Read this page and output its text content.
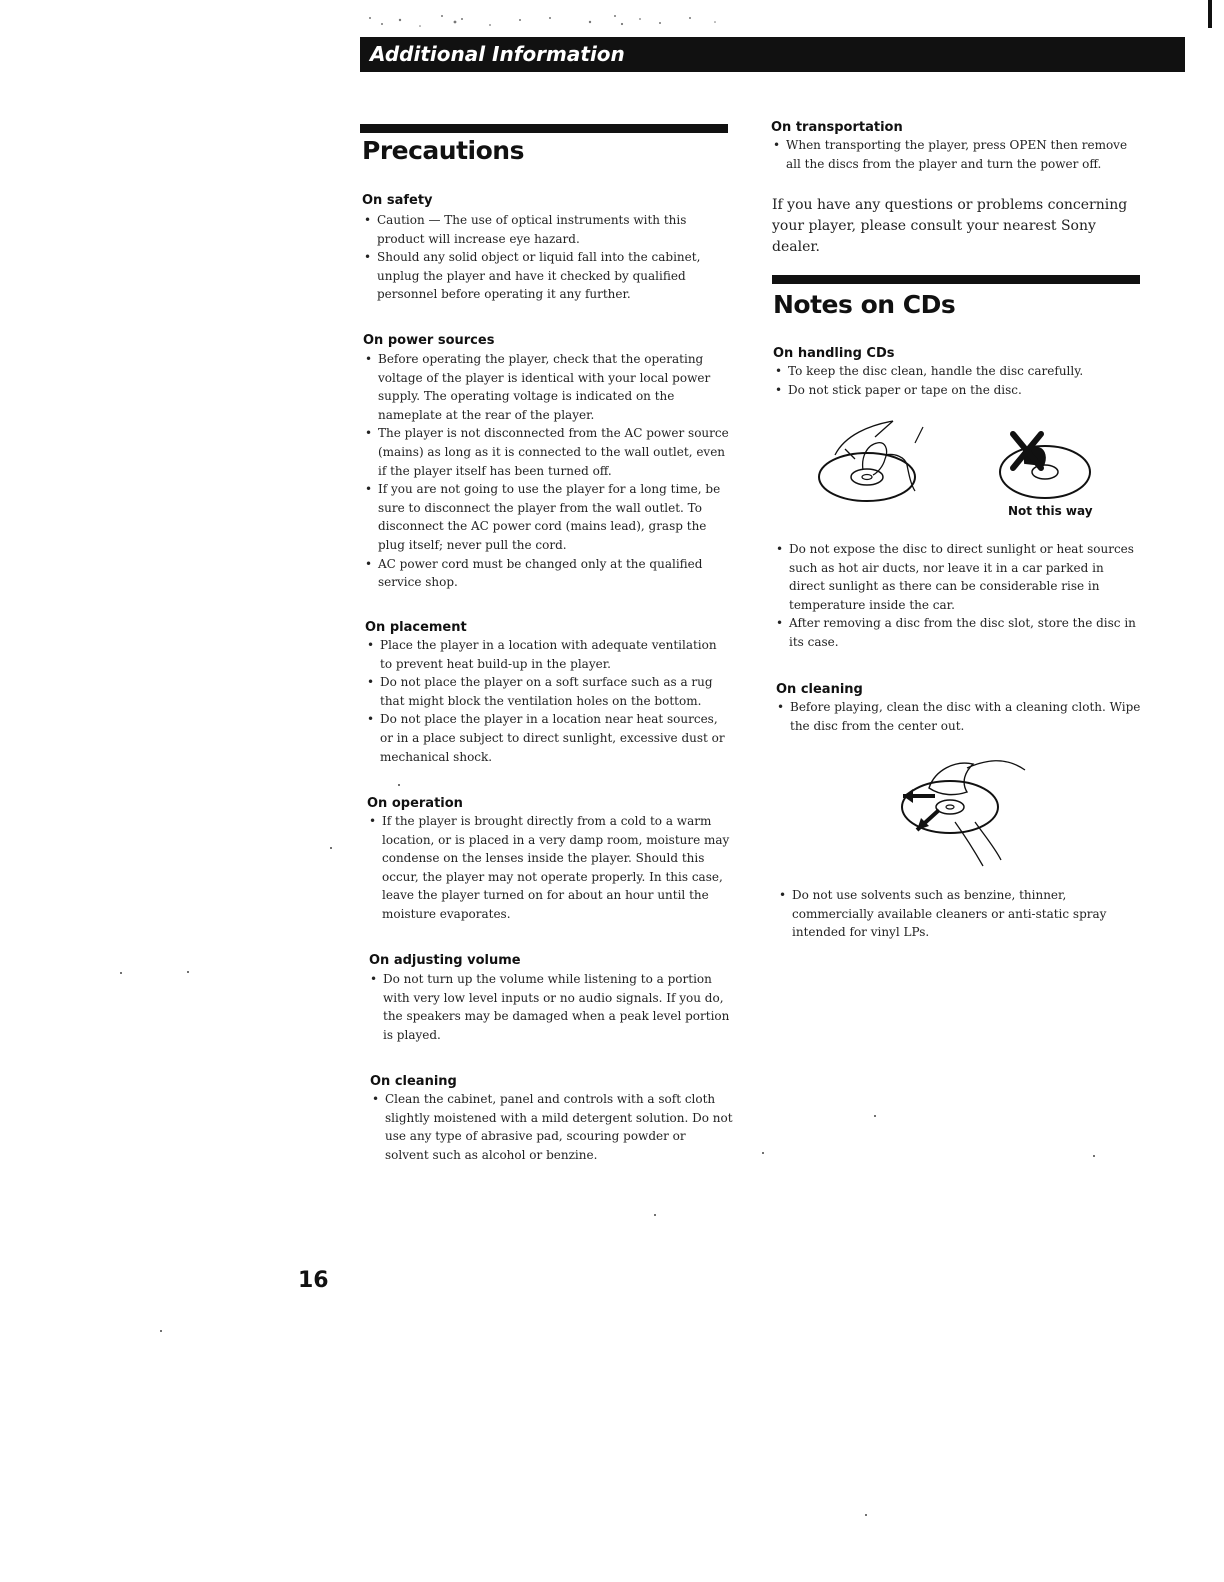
Additional Information
Precautions
On safety
• Caution — The use of optical instruments with this product will increase eye hazard.
• Should any solid object or liquid fall into the cabinet, unplug the player and have it checked by qualified personnel before operating it any further.
On power sources
• Before operating the player, check that the operating voltage of the player is identical with your local power supply. The operating voltage is indicated on the nameplate at the rear of the player.
• The player is not disconnected from the AC power source (mains) as long as it is connected to the wall outlet, even if the player itself has been turned off.
• If you are not going to use the player for a long time, be sure to disconnect the player from the wall outlet. To disconnect the AC power cord (mains lead), grasp the plug itself; never pull the cord.
• AC power cord must be changed only at the qualified service shop.
On placement
• Place the player in a location with adequate ventilation to prevent heat build-up in the player.
• Do not place the player on a soft surface such as a rug that might block the ventilation holes on the bottom.
• Do not place the player in a location near heat sources, or in a place subject to direct sunlight, excessive dust or mechanical shock.
On operation
• If the player is brought directly from a cold to a warm location, or is placed in a very damp room, moisture may condense on the lenses inside the player. Should this occur, the player may not operate properly. In this case, leave the player turned on for about an hour until the moisture evaporates.
On adjusting volume
• Do not turn up the volume while listening to a portion with very low level inputs or no audio signals. If you do, the speakers may be damaged when a peak level portion is played.
On cleaning
• Clean the cabinet, panel and controls with a soft cloth slightly moistened with a mild detergent solution. Do not use any type of abrasive pad, scouring powder or solvent such as alcohol or benzine.
On transportation
• When transporting the player, press OPEN then remove all the discs from the player and turn the power off.
If you have any questions or problems concerning your player, please consult your nearest Sony dealer.
Notes on CDs
On handling CDs
• To keep the disc clean, handle the disc carefully.
• Do not stick paper or tape on the disc.
Not this way
• Do not expose the disc to direct sunlight or heat sources such as hot air ducts, nor leave it in a car parked in direct sunlight as there can be considerable rise in temperature inside the car.
• After removing a disc from the disc slot, store the disc in its case.
On cleaning
• Before playing, clean the disc with a cleaning cloth. Wipe the disc from the center out.
• Do not use solvents such as benzine, thinner, commercially available cleaners or anti-static spray intended for vinyl LPs.
16
